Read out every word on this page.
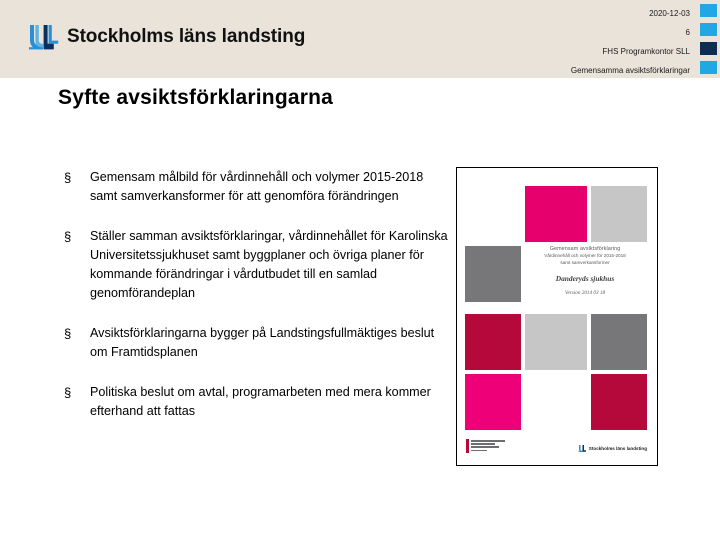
Stockholms läns landsting
2020-12-03
6
FHS Programkontor SLL
Gemensamma avsiktsförklaringar
Syfte avsiktsförklaringarna
§	Gemensam målbild för vårdinnehåll och volymer 2015-2018 samt samverkansformer för att genomföra förändringen
§	Ställer samman avsiktsförklaringar, vårdinnehållet för Karolinska Universitetssjukhuset samt byggplaner och övriga planer för kommande förändringar i vårdutbudet till en samlad genomförandeplan
§	Avsiktsförklaringarna bygger på Landstingsfullmäktiges beslut om Framtidsplanen
§	Politiska beslut om avtal, programarbeten med mera kommer efterhand att fattas
Gemensam avsiktsförklaring
Vårdinnehåll och volymer för 2015-2018
samt samverkansformer
Danderyds sjukhus
Version 2014 03 18
Stockholms läns landsting
